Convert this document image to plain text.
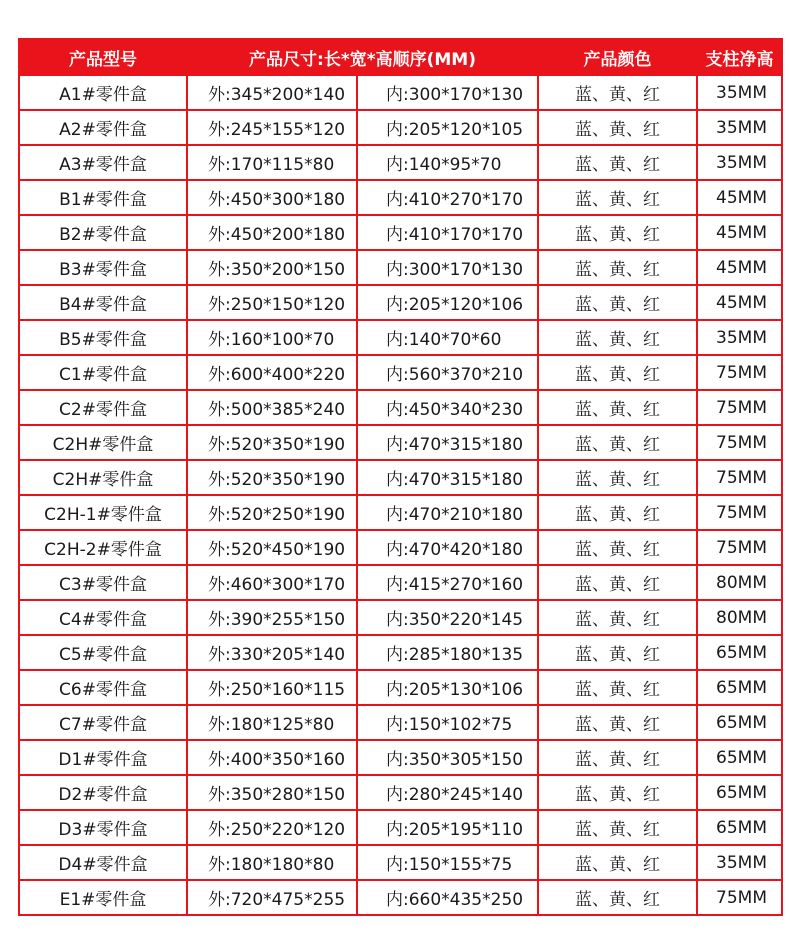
产品型号	产品尺寸:长*宽*高顺序(MM)		产品颜色	支柱净高
A1#零件盒	外:345*200*140	内:300*170*130	蓝、黄、红	35MM
A2#零件盒	外:245*155*120	内:205*120*105	蓝、黄、红	35MM
A3#零件盒	外:170*115*80	内:140*95*70	蓝、黄、红	35MM
B1#零件盒	外:450*300*180	内:410*270*170	蓝、黄、红	45MM
B2#零件盒	外:450*200*180	内:410*170*170	蓝、黄、红	45MM
B3#零件盒	外:350*200*150	内:300*170*130	蓝、黄、红	45MM
B4#零件盒	外:250*150*120	内:205*120*106	蓝、黄、红	45MM
B5#零件盒	外:160*100*70	内:140*70*60	蓝、黄、红	35MM
C1#零件盒	外:600*400*220	内:560*370*210	蓝、黄、红	75MM
C2#零件盒	外:500*385*240	内:450*340*230	蓝、黄、红	75MM
C2H#零件盒	外:520*350*190	内:470*315*180	蓝、黄、红	75MM
C2H#零件盒	外:520*350*190	内:470*315*180	蓝、黄、红	75MM
C2H-1#零件盒	外:520*250*190	内:470*210*180	蓝、黄、红	75MM
C2H-2#零件盒	外:520*450*190	内:470*420*180	蓝、黄、红	75MM
C3#零件盒	外:460*300*170	内:415*270*160	蓝、黄、红	80MM
C4#零件盒	外:390*255*150	内:350*220*145	蓝、黄、红	80MM
C5#零件盒	外:330*205*140	内:285*180*135	蓝、黄、红	65MM
C6#零件盒	外:250*160*115	内:205*130*106	蓝、黄、红	65MM
C7#零件盒	外:180*125*80	内:150*102*75	蓝、黄、红	65MM
D1#零件盒	外:400*350*160	内:350*305*150	蓝、黄、红	65MM
D2#零件盒	外:350*280*150	内:280*245*140	蓝、黄、红	65MM
D3#零件盒	外:250*220*120	内:205*195*110	蓝、黄、红	65MM
D4#零件盒	外:180*180*80	内:150*155*75	蓝、黄、红	35MM
E1#零件盒	外:720*475*255	内:660*435*250	蓝、黄、红	75MM
